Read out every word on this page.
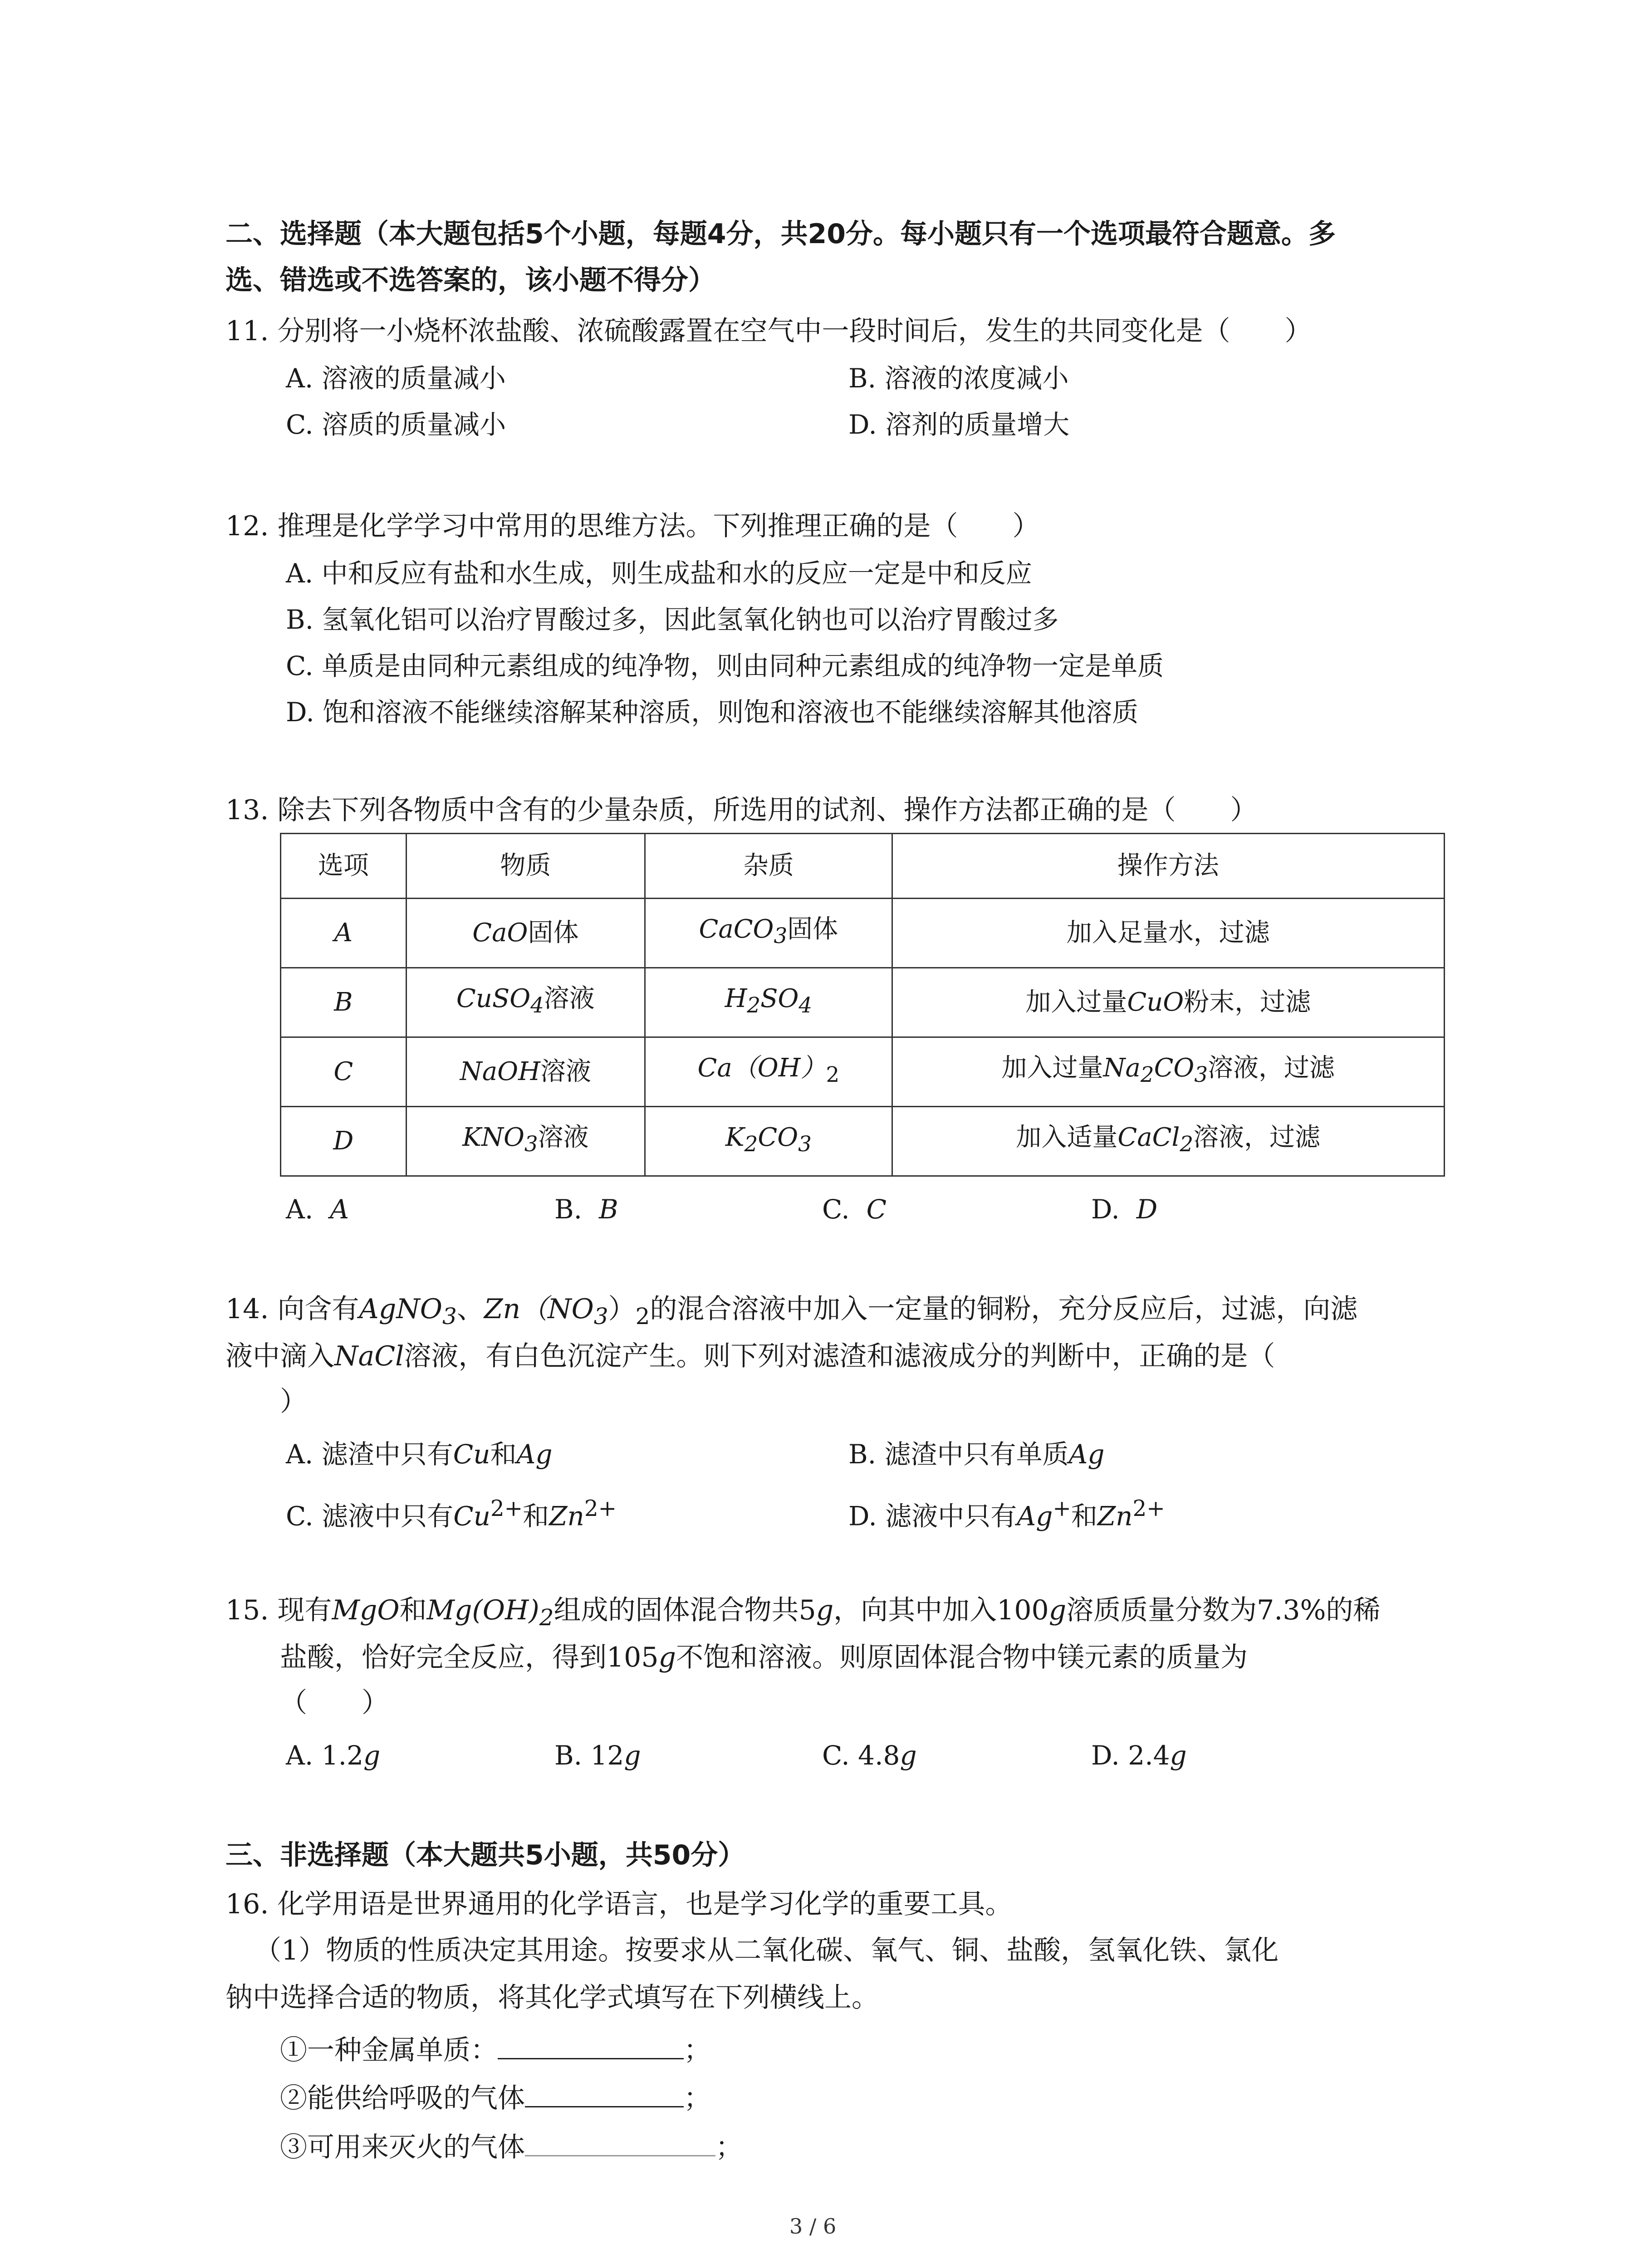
二、选择题（本大题包括5个小题，每题4分，共20分。每小题只有一个选项最符合题意。多
选、错选或不选答案的，该小题不得分）
11. 分别将一小烧杯浓盐酸、浓硫酸露置在空气中一段时间后，发生的共同变化是（　　）
A. 溶液的质量减小	B. 溶液的浓度减小
C. 溶质的质量减小	D. 溶剂的质量增大
12. 推理是化学学习中常用的思维方法。下列推理正确的是（　　）
A. 中和反应有盐和水生成，则生成盐和水的反应一定是中和反应
B. 氢氧化铝可以治疗胃酸过多，因此氢氧化钠也可以治疗胃酸过多
C. 单质是由同种元素组成的纯净物，则由同种元素组成的纯净物一定是单质
D. 饱和溶液不能继续溶解某种溶质，则饱和溶液也不能继续溶解其他溶质
13. 除去下列各物质中含有的少量杂质，所选用的试剂、操作方法都正确的是（　　）
选项	物质	杂质	操作方法
A	CaO固体	CaCO$_3$固体	加入足量水，过滤
B	CuSO$_4$溶液	$H_2SO_4$	加入过量CuO粉末，过滤
C	NaOH溶液	$Ca(OH)_2$	加入过量$Na_2CO_3$溶液，过滤
D	$KNO_3$溶液	$K_2CO_3$	加入适量CaCl$_2$溶液，过滤
A. A	B. B	C. C	D. D
14. 向含有AgNO$_3$、$Zn(NO_3)_2$的混合溶液中加入一定量的铜粉，充分反应后，过滤，向滤
液中滴入NaCl溶液，有白色沉淀产生。则下列对滤渣和滤液成分的判断中，正确的是（
）
A. 滤渣中只有Cu和Ag	B. 滤渣中只有单质Ag
C. 滤液中只有$Cu^{2+}$和$Zn^{2+}$	D. 滤液中只有Ag+和$Zn^{2+}$
15. 现有MgO和$Mg(OH)_2$组成的固体混合物共5g，向其中加入100g溶质质量分数为7.3%的稀
盐酸，恰好完全反应，得到105g不饱和溶液。则原固体混合物中镁元素的质量为
（　　）
A. 1.2g	B. 12g	C. 4.8g	D. 2.4g
三、非选择题（本大题共5小题，共50分）
16. 化学用语是世界通用的化学语言，也是学习化学的重要工具。
（1）物质的性质决定其用途。按要求从二氧化碳、氧气、铜、盐酸，氢氧化铁、氯化
钠中选择合适的物质，将其化学式填写在下列横线上。
①一种金属单质：	；
②能供给呼吸的气体	；
③可用来灭火的气体	；
3 / 6
